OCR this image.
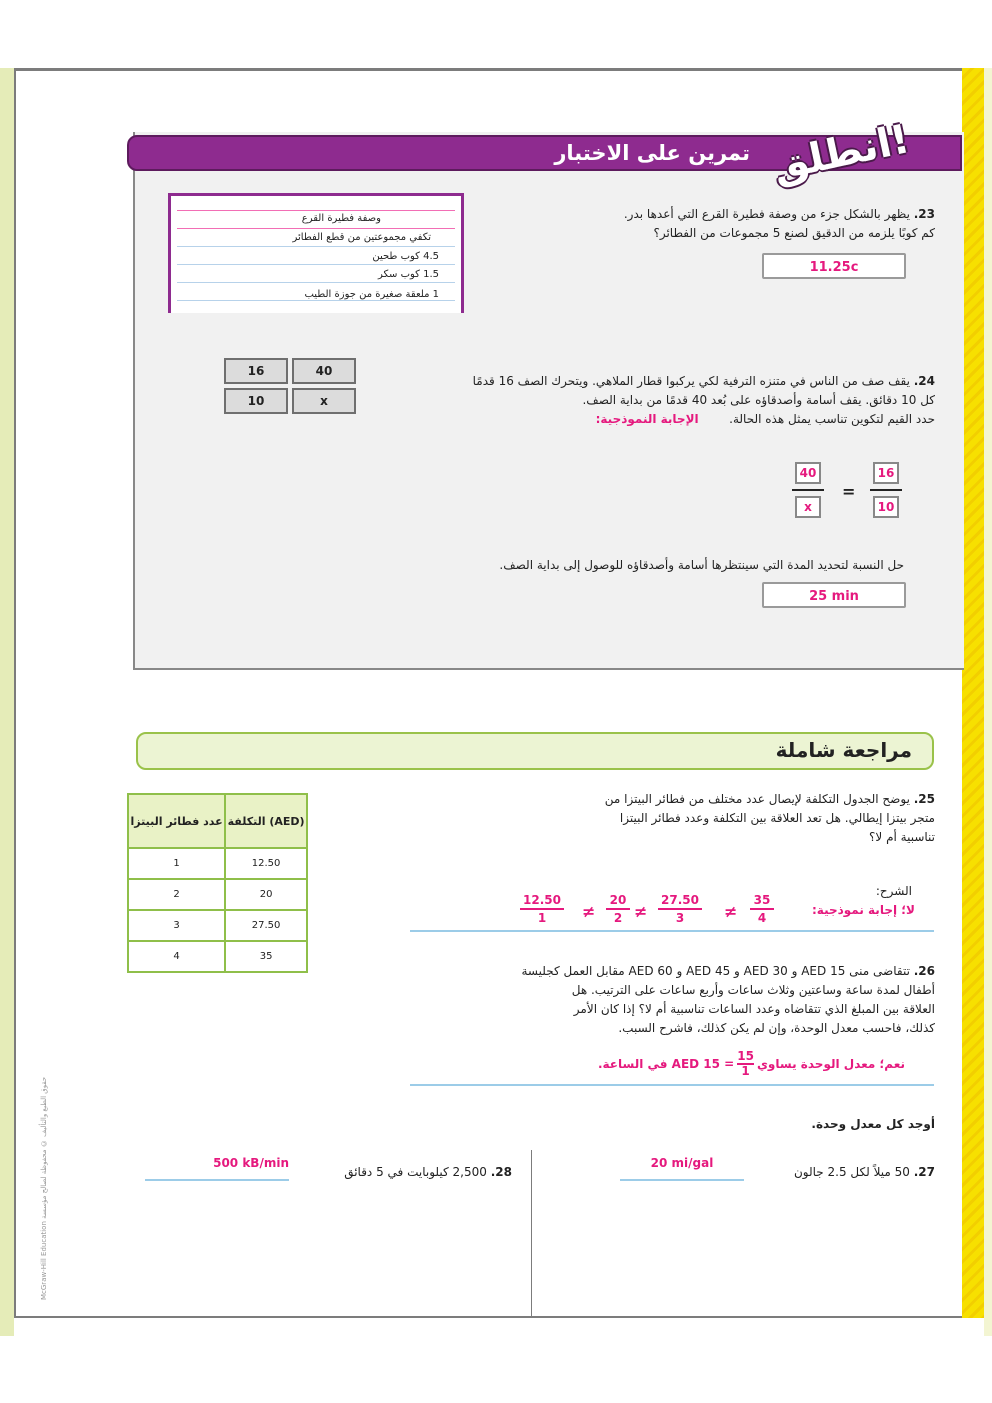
McGraw-Hill Education حقوق الطبع والتأليف © محفوظة لصالح مؤسسة
تمرين على الاختبار انطلق!
23. يظهر بالشكل جزء من وصفة فطيرة القرع التي أعدها بدر.
كم كوبًا يلزمه من الدقيق لصنع 5 مجموعات من الفطائر؟
11.25c
وصفة فطيرة القرع
تكفي مجموعتين من قطع الفطائر
4.5 كوب طحين
1.5 كوب سكر
1 ملعقة صغيرة من جوزة الطيب
16	40
10	x
24. يقف صف من الناس في متنزه الترفية لكي يركبوا قطار الملاهي. ويتحرك الصف 16 قدمًا
كل 10 دقائق. يقف أسامة وأصدقاؤه على بُعد 40 قدمًا من بداية الصف.
حدد القيم لتكوين تناسب يمثل هذه الحالة.        الإجابة النموذجية:
$\frac{40}{x} = \frac{16}{10}$
حل النسبة لتحديد المدة التي سينتظرها أسامة وأصدقاؤه للوصول إلى بداية الصف.
25 min
مراجعة شاملة
25. يوضح الجدول التكلفة لإيصال عدد مختلف من فطائر البيتزا من
متجر بيتزا إيطالي. هل تعد العلاقة بين التكلفة وعدد فطائر البيتزا
تناسبية أم لا؟
الشرح:
12.50
1	≠
20
2 ≠
27.50
3	≠
35
4
لا؛ إجابة نموذجية:
عدد فطائر البيتزا	التكلفة (AED)
1	12.50
2	20
3	27.50
4	35
26. تتقاضى منى AED 15 و AED 30 و AED 45 و AED 60 مقابل العمل كجليسة
أطفال لمدة ساعة وساعتين وثلاث ساعات وأربع ساعات على الترتيب. هل
العلاقة بين المبلغ الذي تتقاضاه وعدد الساعات تناسبية أم لا؟ إذا كان الأمر
كذلك، فاحسب معدل الوحدة، وإن لم يكن كذلك، فاشرح السبب.
نعم؛ معدل الوحدة يساوي
15
1
= AED 15 في الساعة.
أوجد كل معدل وحدة.
27. 50 ميلاً لكل 2.5 جالون
20 mi/gal
28. 2,500 كيلوبايت في 5 دقائق
500 kB/min
